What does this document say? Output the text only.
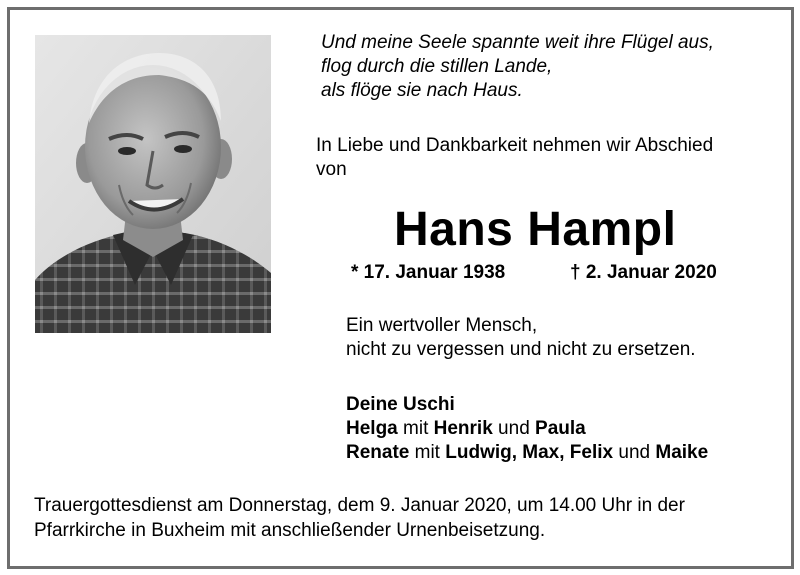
Und meine Seele spannte weit ihre Flügel aus,
flog durch die stillen Lande,
als flöge sie nach Haus.
In Liebe und Dankbarkeit nehmen wir Abschied
von
Hans Hampl
* 17. Januar 1938	† 2. Januar 2020
Ein wertvoller Mensch,
nicht zu vergessen und nicht zu ersetzen.
Deine Uschi
Helga mit Henrik und Paula
Renate mit Ludwig, Max, Felix und Maike
Trauergottesdienst am Donnerstag, dem 9. Januar 2020, um 14.00 Uhr in der
Pfarrkirche in Buxheim mit anschließender Urnenbeisetzung.
